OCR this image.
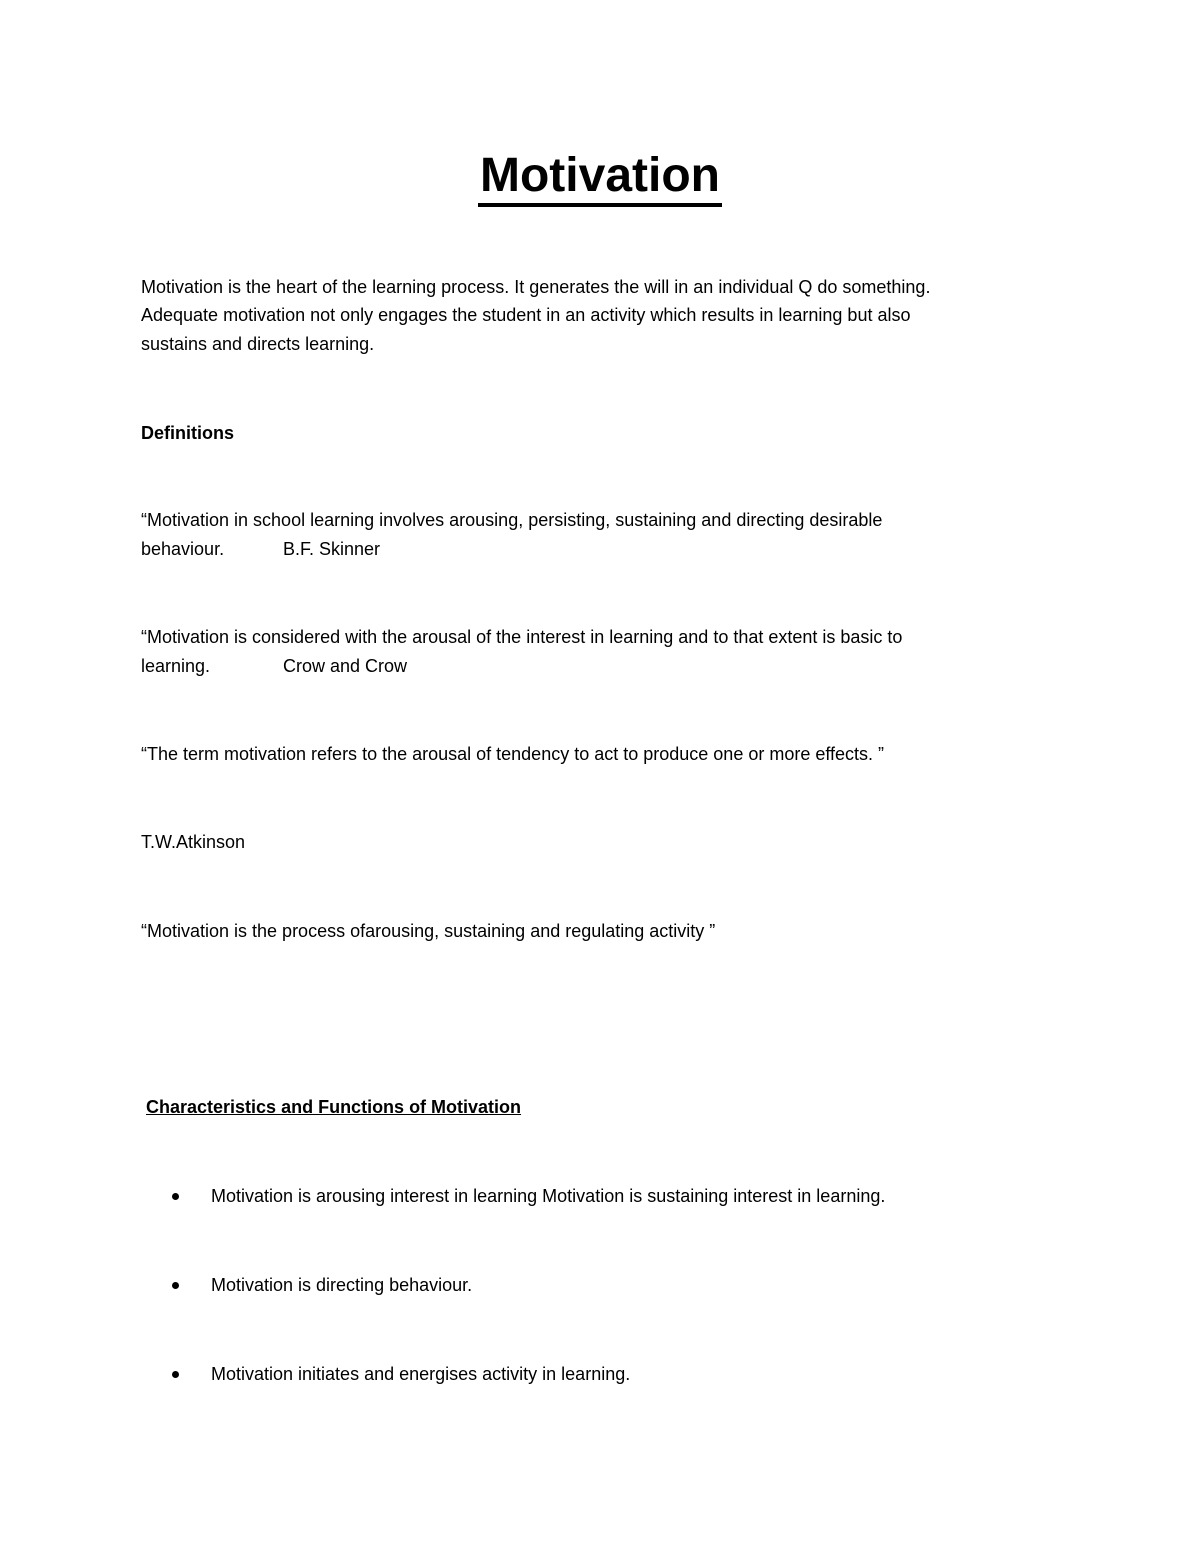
Motivation
Motivation is the heart of the learning process. It generates the will in an individual Q do something.
Adequate motivation not only engages the student in an activity which results in learning but also
sustains and directs learning.
Definitions
“Motivation in school learning involves arousing, persisting, sustaining and directing desirable
behaviour.	B.F. Skinner
“Motivation is considered with the arousal of the interest in learning and to that extent is basic to
learning.	Crow and Crow
“The term motivation refers to the arousal of tendency to act to produce one or more effects. ”
T.W.Atkinson
“Motivation is the process ofarousing, sustaining and regulating activity ”
Characteristics and Functions of Motivation
Motivation is arousing interest in learning Motivation is sustaining interest in learning.
Motivation is directing behaviour.
Motivation initiates and energises activity in learning.
